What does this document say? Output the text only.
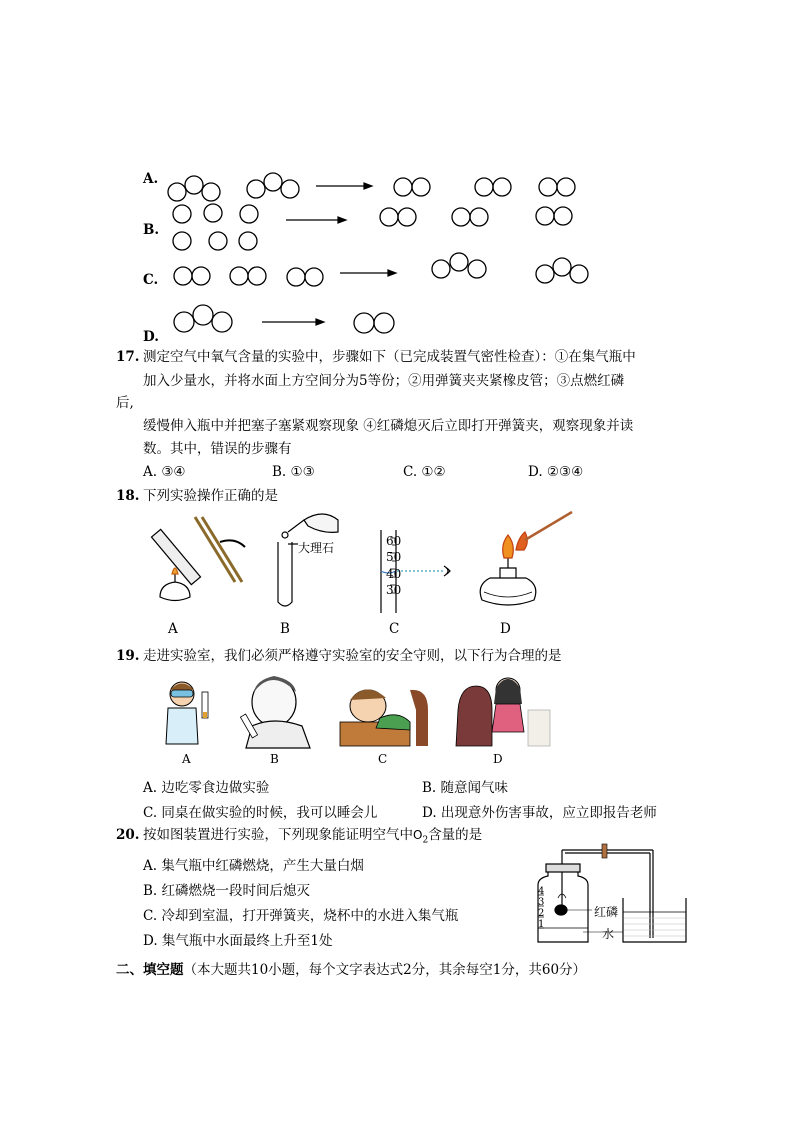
A.
B.
C.
D.
17. 测定空气中氧气含量的实验中，步骤如下（已完成装置气密性检查）：①在集气瓶中
加入少量水，并将水面上方空间分为5等份；②用弹簧夹夹紧橡皮管；③点燃红磷
后,
缓慢伸入瓶中并把塞子塞紧观察现象 ④红磷熄灭后立即打开弹簧夹，观察现象并读
数。其中，错误的步骤有
A. ③④	B. ①③	C. ①②	D. ②③④
18. 下列实验操作正确的是
大理石	60
50
40
30
A	B	C	D
19. 走进实验室，我们必须严格遵守实验室的安全守则，以下行为合理的是
A	B	C	D
A. 边吃零食边做实验	B. 随意闻气味
C. 同桌在做实验的时候，我可以睡会儿	D. 出现意外伤害事故，应立即报告老师
20. 按如图装置进行实验，下列现象能证明空气中$O_2$含量的是
A. 集气瓶中红磷燃烧，产生大量白烟
B. 红磷燃烧一段时间后熄灭
C. 冷却到室温，打开弹簧夹，烧杯中的水进入集气瓶
D. 集气瓶中水面最终上升至1处
4
3
2
1
红磷
水
二、填空题（本大题共10小题，每个文字表达式2分，其余每空1分，共60分）
